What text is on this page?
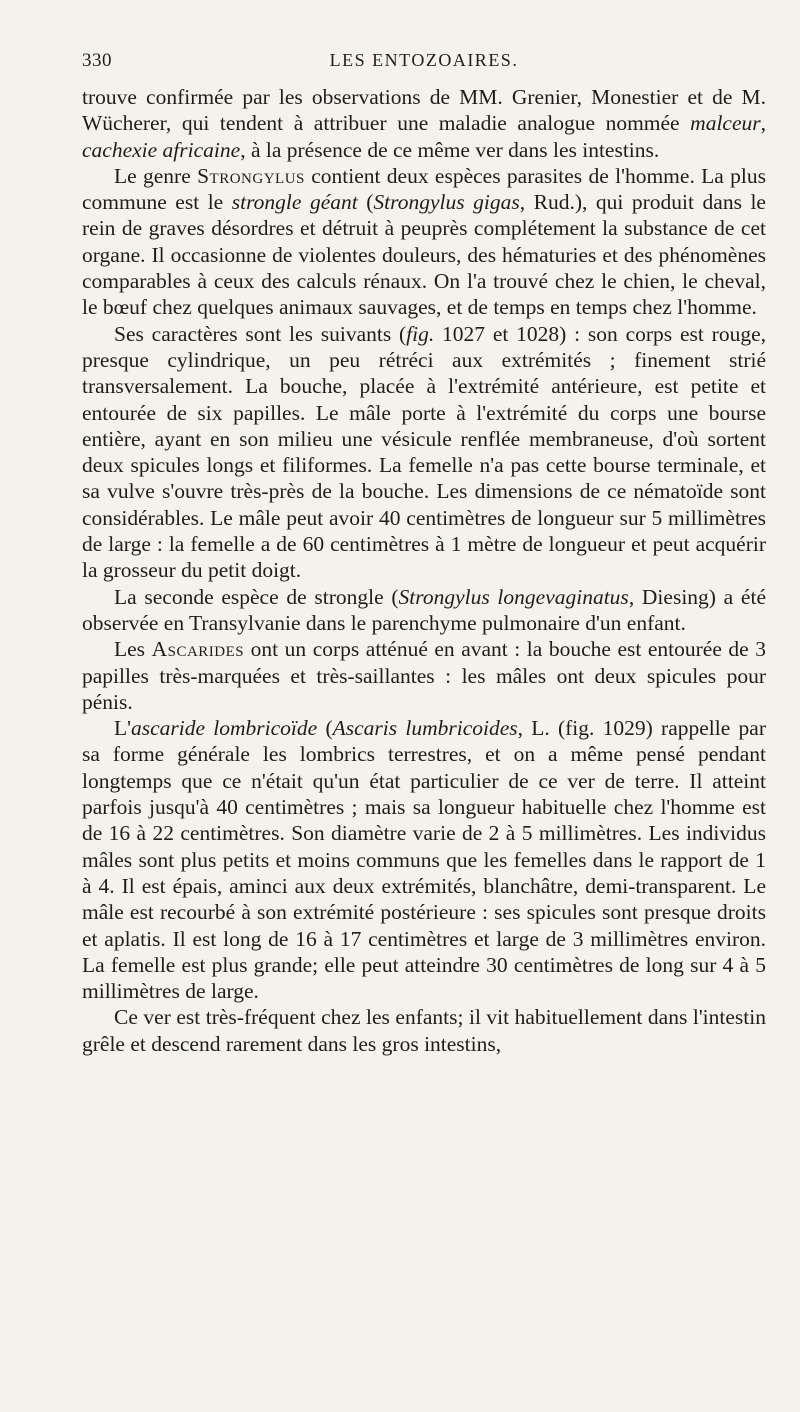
330	LES ENTOZOAIRES.

trouve confirmée par les observations de MM. Grenier, Monestier et de M. Wücherer, qui tendent à attribuer une maladie analogue nommée malceur, cachexie africaine, à la présence de ce même ver dans les intestins.

Le genre Strongylus contient deux espèces parasites de l'homme. La plus commune est le strongle géant (Strongylus gigas, Rud.), qui produit dans le rein de graves désordres et détruit à peuprès complétement la substance de cet organe. Il occasionne de violentes douleurs, des hématuries et des phénomènes comparables à ceux des calculs rénaux. On l'a trouvé chez le chien, le cheval, le bœuf chez quelques animaux sauvages, et de temps en temps chez l'homme.

Ses caractères sont les suivants (fig. 1027 et 1028) : son corps est rouge, presque cylindrique, un peu rétréci aux extrémités ; finement strié transversalement. La bouche, placée à l'extrémité antérieure, est petite et entourée de six papilles. Le mâle porte à l'extrémité du corps une bourse entière, ayant en son milieu une vésicule renflée membraneuse, d'où sortent deux spicules longs et filiformes. La femelle n'a pas cette bourse terminale, et sa vulve s'ouvre très-près de la bouche. Les dimensions de ce nématoïde sont considérables. Le mâle peut avoir 40 centimètres de longueur sur 5 millimètres de large : la femelle a de 60 centimètres à 1 mètre de longueur et peut acquérir la grosseur du petit doigt.

La seconde espèce de strongle (Strongylus longevaginatus, Diesing) a été observée en Transylvanie dans le parenchyme pulmonaire d'un enfant.

Les Ascarides ont un corps atténué en avant : la bouche est entourée de 3 papilles très-marquées et très-saillantes : les mâles ont deux spicules pour pénis.

L'ascaride lombricoïde (Ascaris lumbricoides, L. (fig. 1029) rappelle par sa forme générale les lombrics terrestres, et on a même pensé pendant longtemps que ce n'était qu'un état particulier de ce ver de terre. Il atteint parfois jusqu'à 40 centimètres ; mais sa longueur habituelle chez l'homme est de 16 à 22 centimètres. Son diamètre varie de 2 à 5 millimètres. Les individus mâles sont plus petits et moins communs que les femelles dans le rapport de 1 à 4. Il est épais, aminci aux deux extrémités, blanchâtre, demi-transparent. Le mâle est recourbé à son extrémité postérieure : ses spicules sont presque droits et aplatis. Il est long de 16 à 17 centimètres et large de 3 millimètres environ. La femelle est plus grande; elle peut atteindre 30 centimètres de long sur 4 à 5 millimètres de large.

Ce ver est très-fréquent chez les enfants; il vit habituellement dans l'intestin grêle et descend rarement dans les gros intestins,
